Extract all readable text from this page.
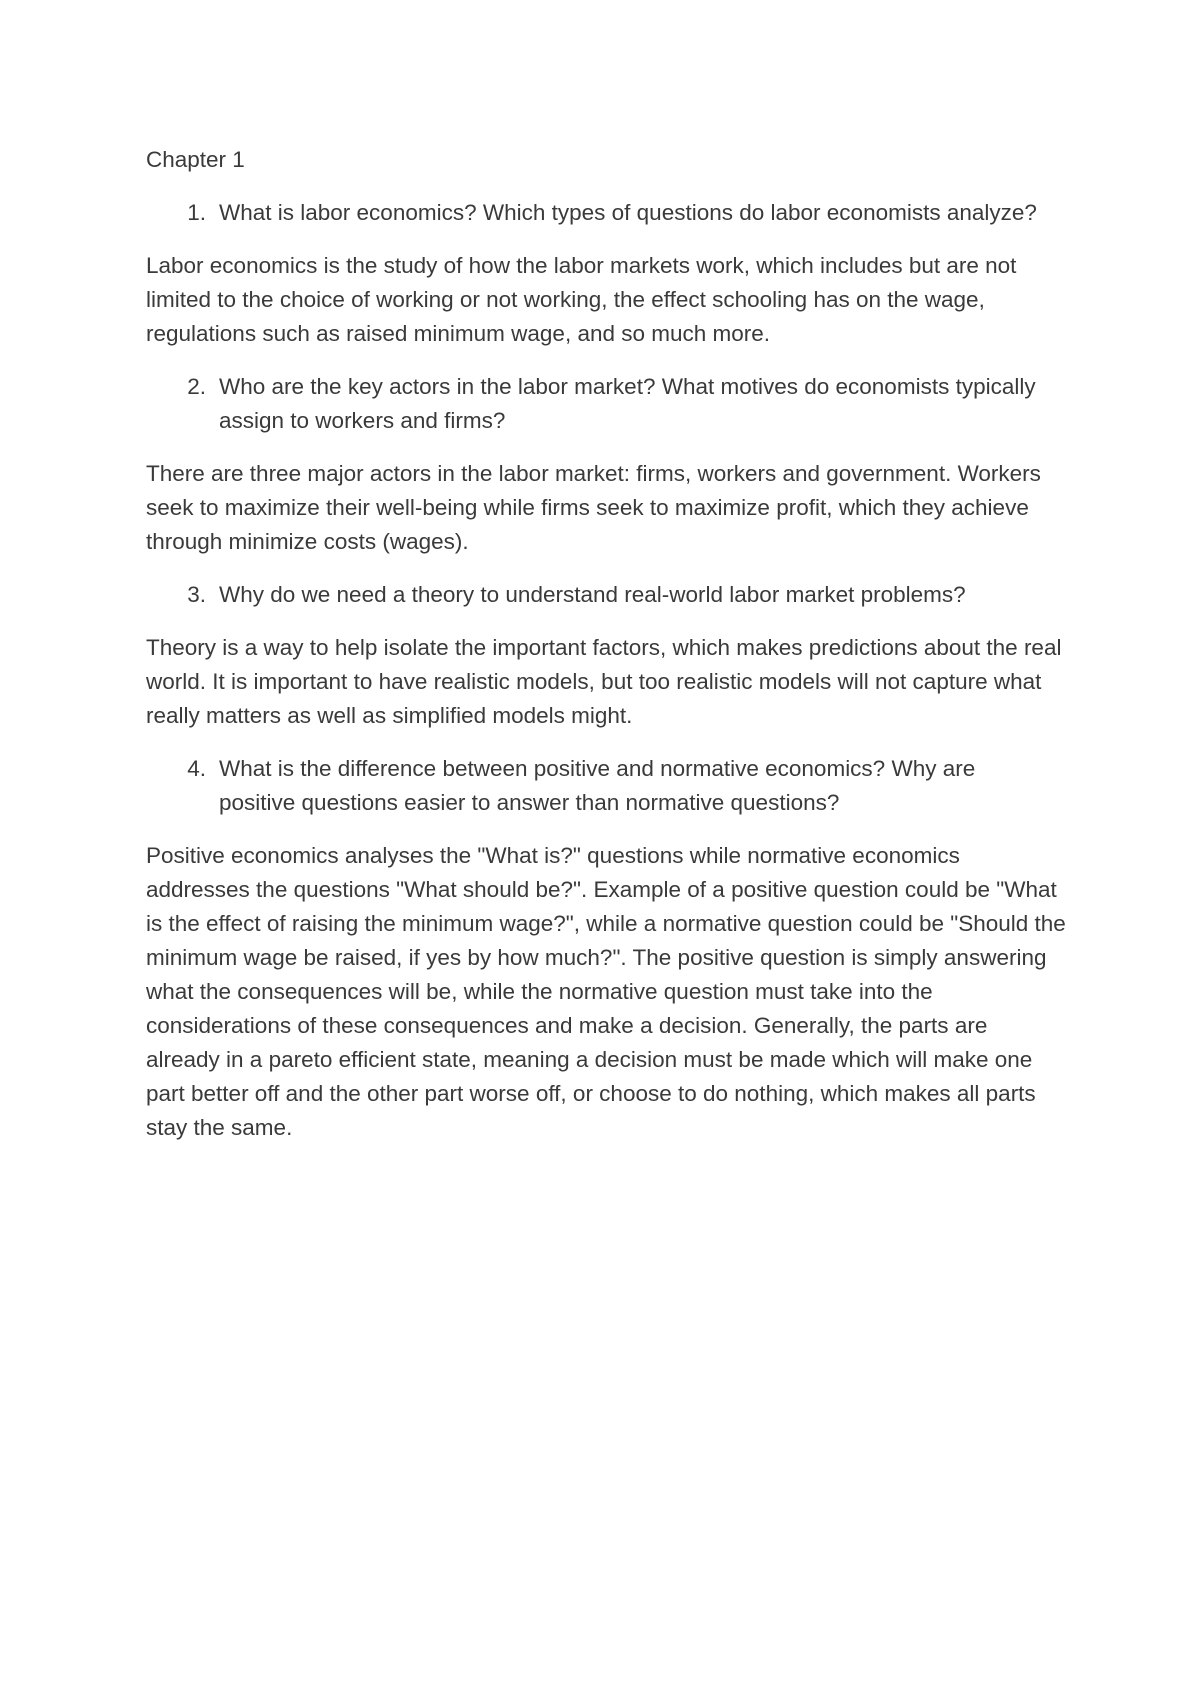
Chapter 1
1. What is labor economics? Which types of questions do labor economists analyze?
Labor economics is the study of how the labor markets work, which includes but are not limited to the choice of working or not working, the effect schooling has on the wage, regulations such as raised minimum wage, and so much more.
2. Who are the key actors in the labor market? What motives do economists typically assign to workers and firms?
There are three major actors in the labor market: firms, workers and government. Workers seek to maximize their well-being while firms seek to maximize profit, which they achieve through minimize costs (wages).
3. Why do we need a theory to understand real-world labor market problems?
Theory is a way to help isolate the important factors, which makes predictions about the real world. It is important to have realistic models, but too realistic models will not capture what really matters as well as simplified models might.
4. What is the difference between positive and normative economics? Why are positive questions easier to answer than normative questions?
Positive economics analyses the "What is?" questions while normative economics addresses the questions "What should be?". Example of a positive question could be "What is the effect of raising the minimum wage?", while a normative question could be "Should the minimum wage be raised, if yes by how much?". The positive question is simply answering what the consequences will be, while the normative question must take into the considerations of these consequences and make a decision. Generally, the parts are already in a pareto efficient state, meaning a decision must be made which will make one part better off and the other part worse off, or choose to do nothing, which makes all parts stay the same.
